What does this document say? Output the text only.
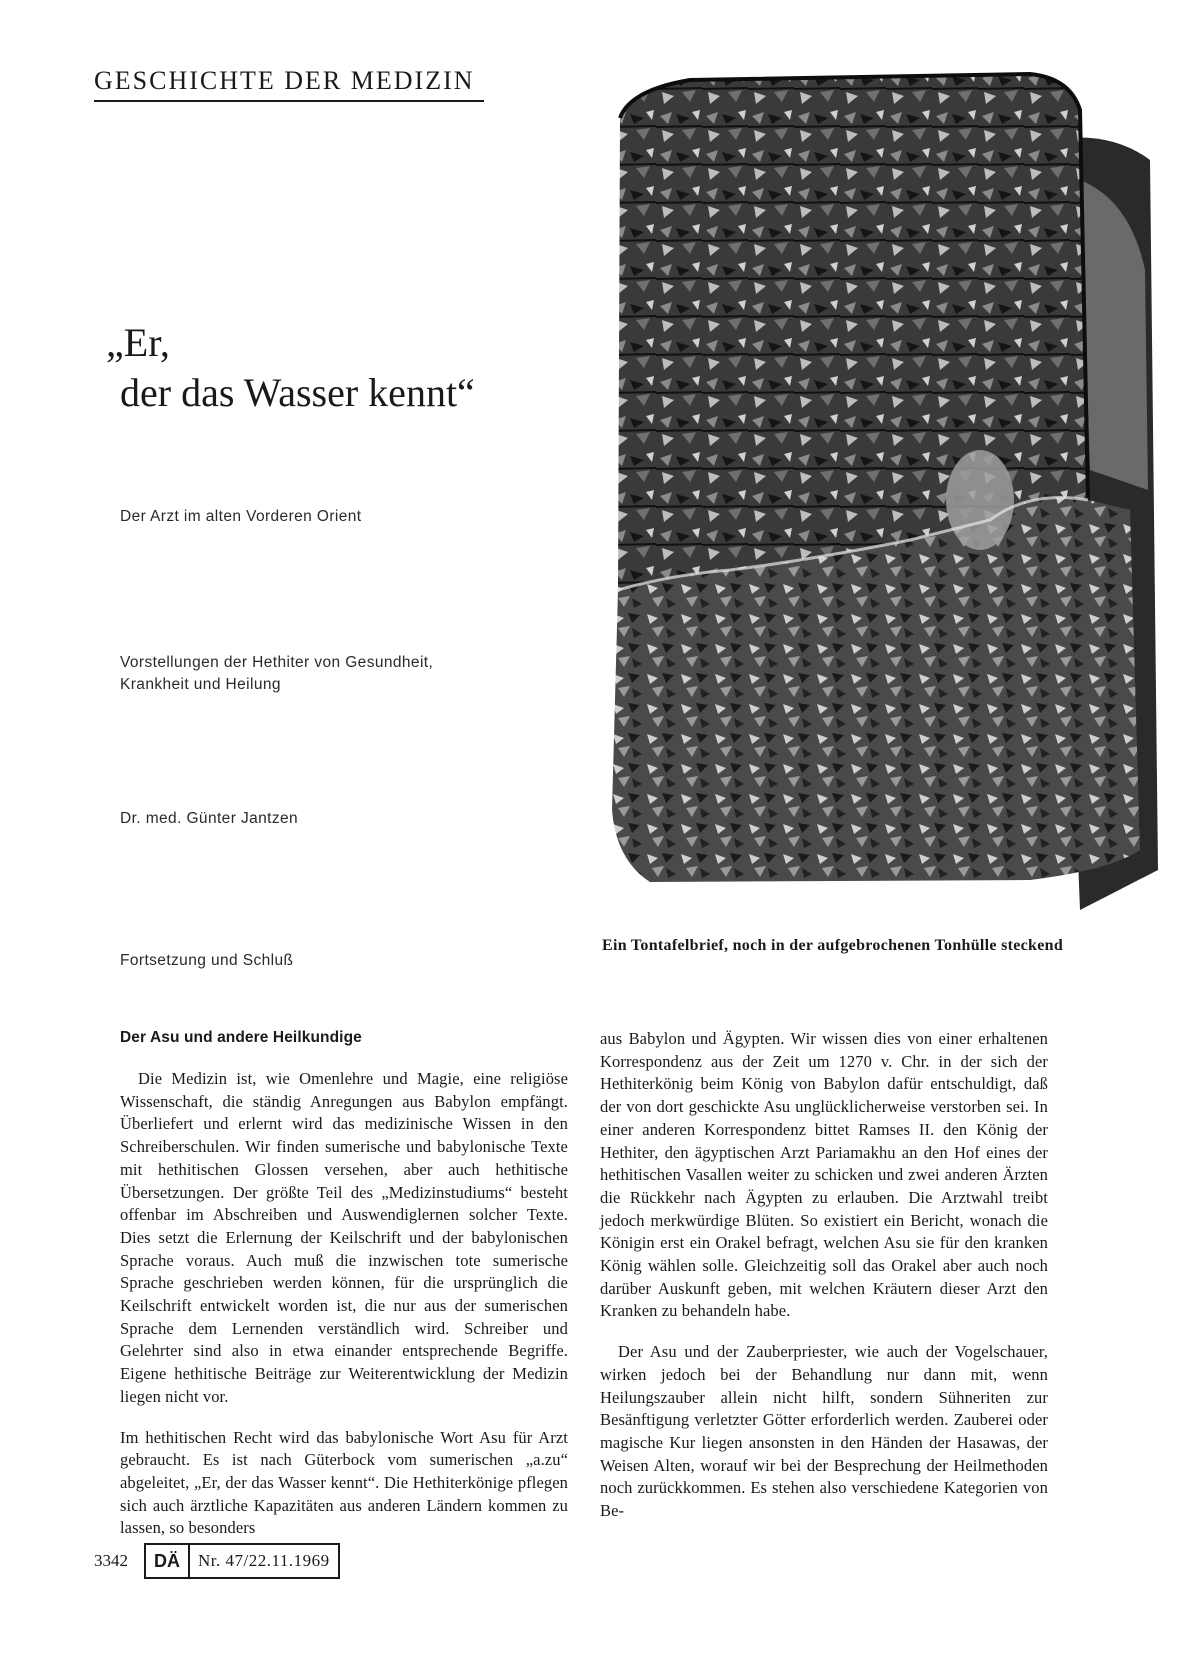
GESCHICHTE DER MEDIZIN
„Er,
der das Wasser kennt“
Der Arzt im alten Vorderen Orient
Vorstellungen der Hethiter von Gesundheit, Krankheit und Heilung
Dr. med. Günter Jantzen
Fortsetzung und Schluß
Ein Tontafelbrief, noch in der aufgebrochenen Tonhülle steckend
Der Asu und andere Heilkundige

Die Medizin ist, wie Omenlehre und Magie, eine religiöse Wissenschaft, die ständig Anregungen aus Babylon empfängt. Überliefert und erlernt wird das medizinische Wissen in den Schreiberschulen. Wir finden sumerische und babylonische Texte mit hethitischen Glossen versehen, aber auch hethitische Übersetzungen. Der größte Teil des „Medizinstudiums“ besteht offenbar im Abschreiben und Auswendiglernen solcher Texte. Dies setzt die Erlernung der Keilschrift und der babylonischen Sprache voraus. Auch muß die inzwischen tote sumerische Sprache geschrieben werden können, für die ursprünglich die Keilschrift entwickelt worden ist, die nur aus der sumerischen Sprache dem Lernenden verständlich wird. Schreiber und Gelehrter sind also in etwa einander entsprechende Begriffe. Eigene hethitische Beiträge zur Weiterentwicklung der Medizin liegen nicht vor.

Im hethitischen Recht wird das babylonische Wort Asu für Arzt gebraucht. Es ist nach Güterbock vom sumerischen „a.zu“ abgeleitet, „Er, der das Wasser kennt“. Die Hethiterkönige pflegen sich auch ärztliche Kapazitäten aus anderen Ländern kommen zu lassen, so besonders

aus Babylon und Ägypten. Wir wissen dies von einer erhaltenen Korrespondenz aus der Zeit um 1270 v. Chr. in der sich der Hethiterkönig beim König von Babylon dafür entschuldigt, daß der von dort geschickte Asu unglücklicherweise verstorben sei. In einer anderen Korrespondenz bittet Ramses II. den König der Hethiter, den ägyptischen Arzt Pariamakhu an den Hof eines der hethitischen Vasallen weiter zu schicken und zwei anderen Ärzten die Rückkehr nach Ägypten zu erlauben. Die Arztwahl treibt jedoch merkwürdige Blüten. So existiert ein Bericht, wonach die Königin erst ein Orakel befragt, welchen Asu sie für den kranken König wählen solle. Gleichzeitig soll das Orakel aber auch noch darüber Auskunft geben, mit welchen Kräutern dieser Arzt den Kranken zu behandeln habe.

Der Asu und der Zauberpriester, wie auch der Vogelschauer, wirken jedoch bei der Behandlung nur dann mit, wenn Heilungszauber allein nicht hilft, sondern Sühneriten zur Besänftigung verletzter Götter erforderlich werden. Zauberei oder magische Kur liegen ansonsten in den Händen der Hasawas, der Weisen Alten, worauf wir bei der Besprechung der Heilmethoden noch zurückkommen. Es stehen also verschiedene Kategorien von Be-

3342	DÄ	Nr. 47/22.11.1969
